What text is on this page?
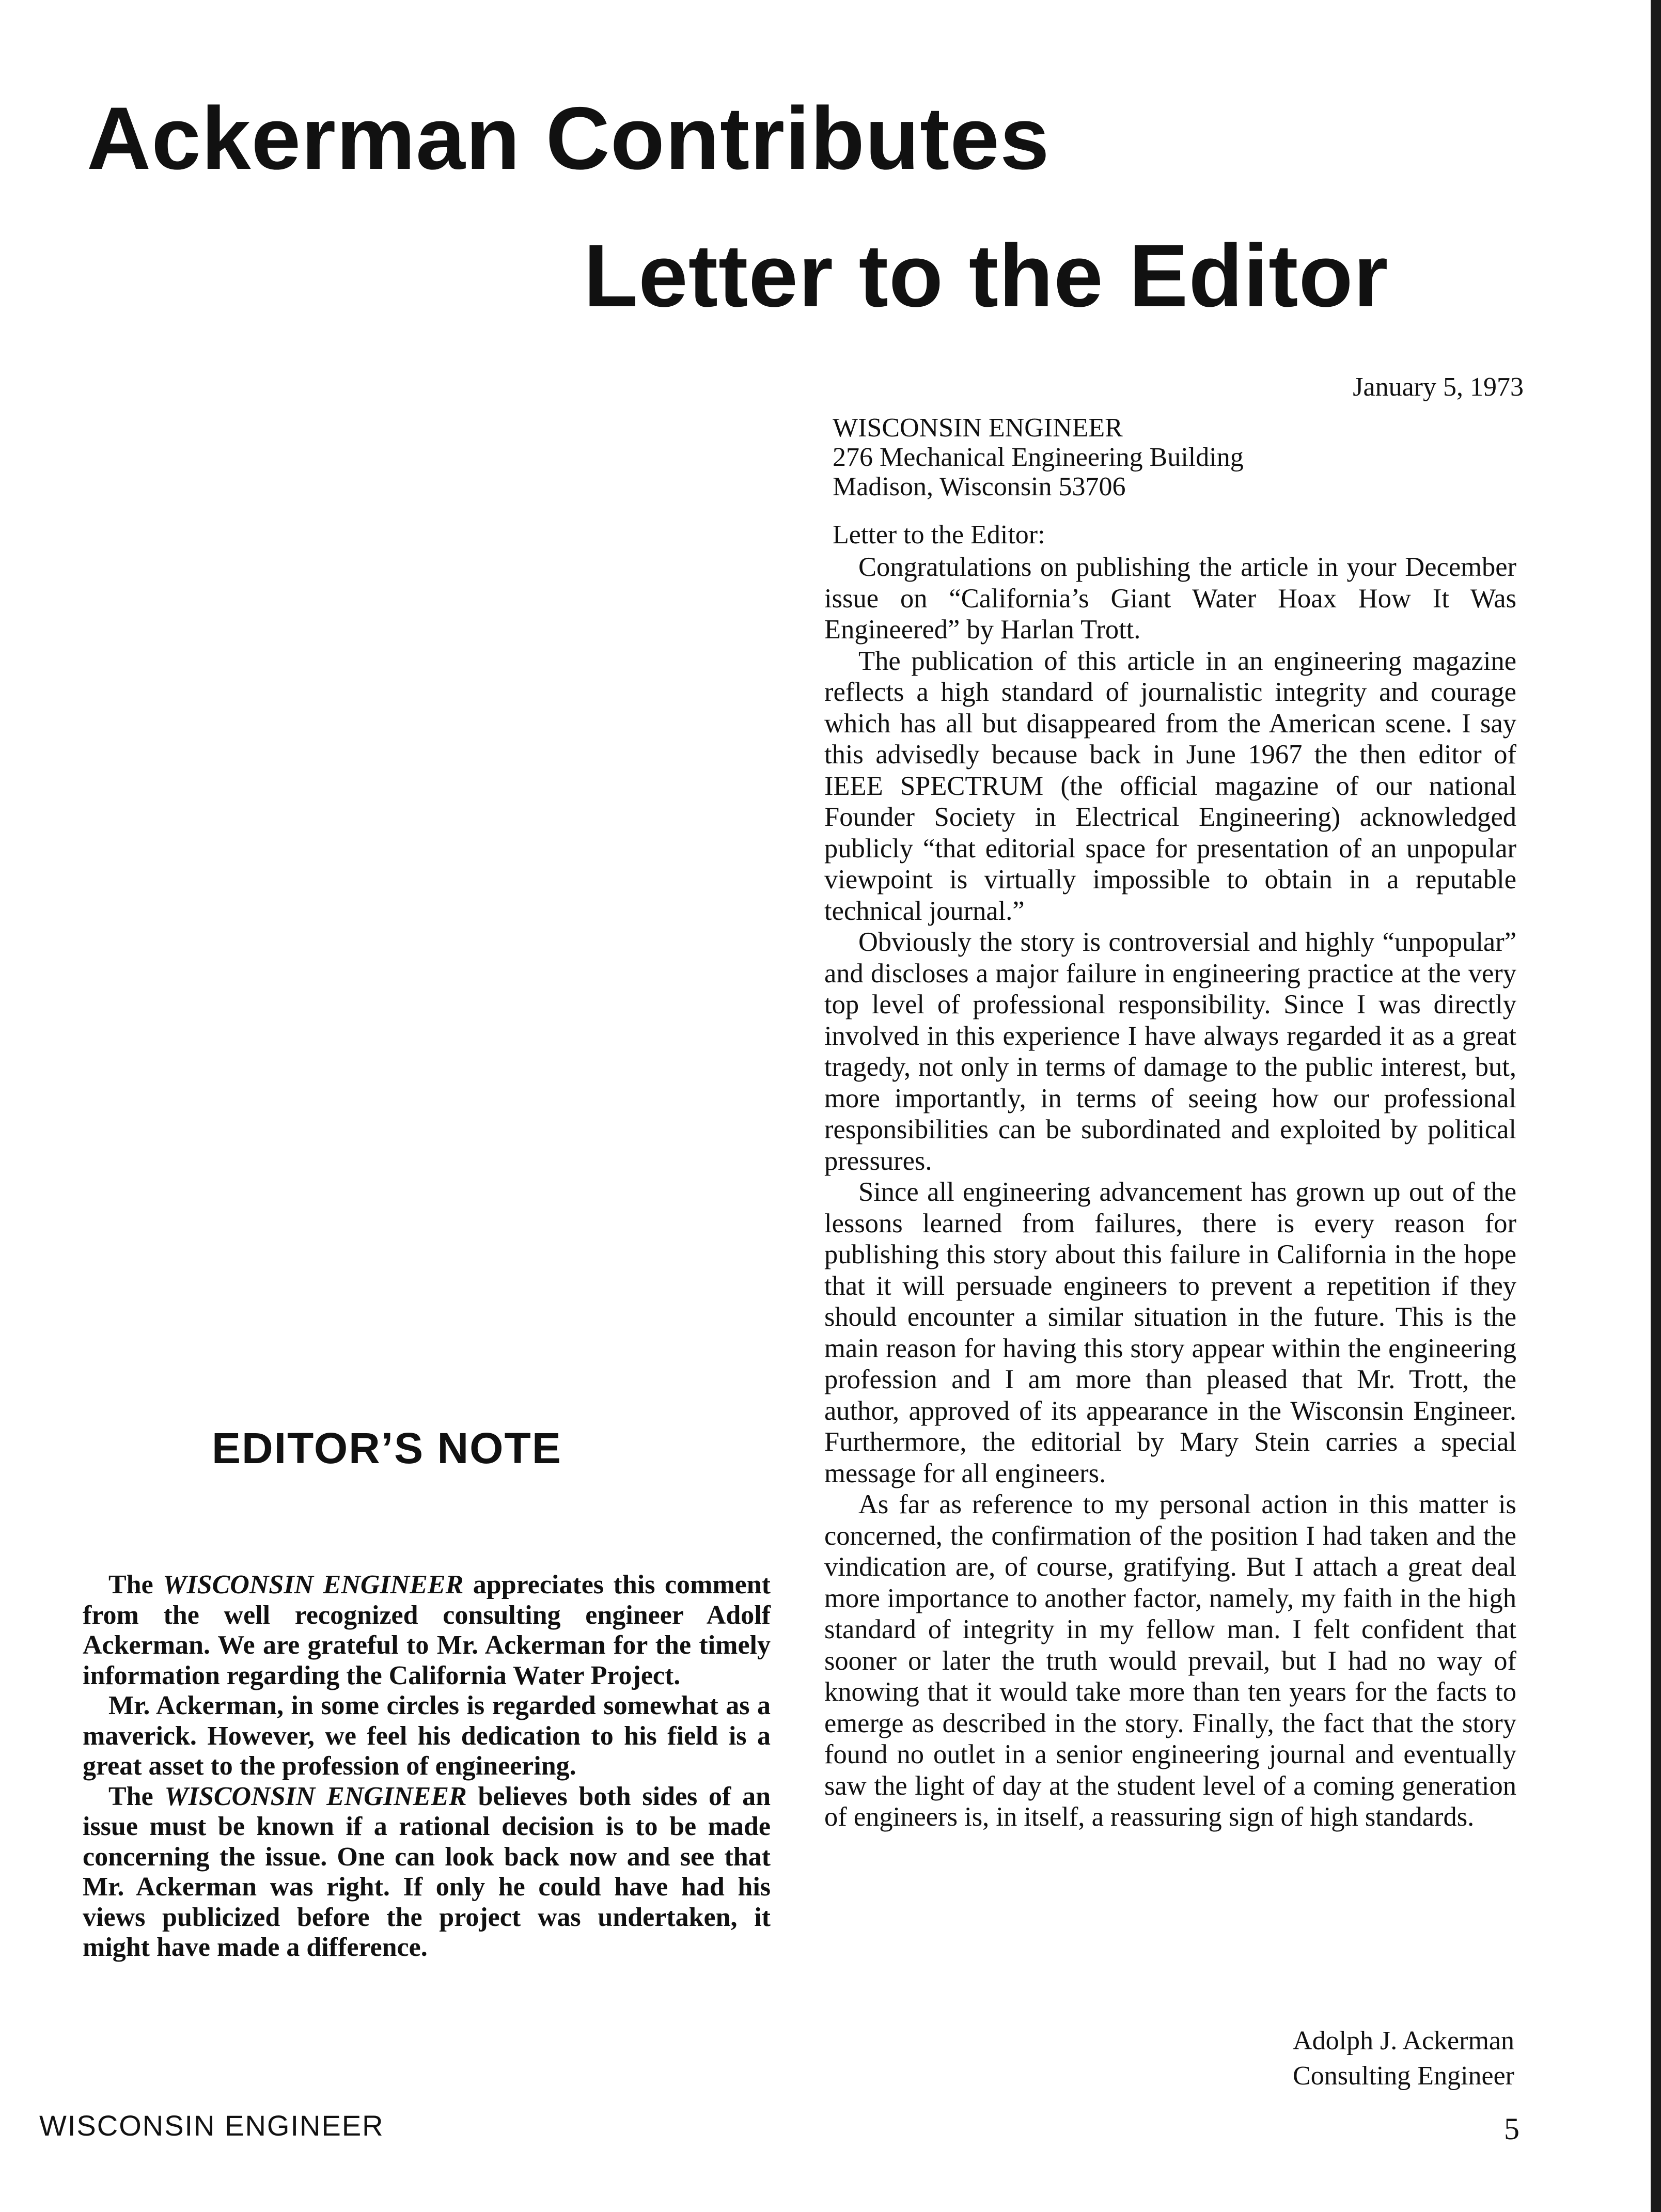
Ackerman Contributes
Letter to the Editor
January 5, 1973
WISCONSIN ENGINEER
276 Mechanical Engineering Building
Madison, Wisconsin 53706
Letter to the Editor:

Congratulations on publishing the article in your December issue on “California’s Giant Water Hoax How It Was Engineered” by Harlan Trott.

The publication of this article in an engineering magazine reflects a high standard of journalistic integrity and courage which has all but disappeared from the American scene. I say this advisedly because back in June 1967 the then editor of IEEE SPECTRUM (the official magazine of our national Founder Society in Electrical Engineering) acknowledged publicly “that editorial space for presentation of an unpopular viewpoint is virtually impossible to obtain in a reputable technical journal.”

Obviously the story is controversial and highly “unpopular” and discloses a major failure in engineering practice at the very top level of professional responsibility. Since I was directly involved in this experience I have always regarded it as a great tragedy, not only in terms of damage to the public interest, but, more importantly, in terms of seeing how our professional responsibilities can be subordinated and exploited by political pressures.

Since all engineering advancement has grown up out of the lessons learned from failures, there is every reason for publishing this story about this failure in California in the hope that it will persuade engineers to prevent a repetition if they should encounter a similar situation in the future. This is the main reason for having this story appear within the engineering profession and I am more than pleased that Mr. Trott, the author, approved of its appearance in the Wisconsin Engineer. Furthermore, the editorial by Mary Stein carries a special message for all engineers.

As far as reference to my personal action in this matter is concerned, the confirmation of the position I had taken and the vindication are, of course, gratifying. But I attach a great deal more importance to another factor, namely, my faith in the high standard of integrity in my fellow man. I felt confident that sooner or later the truth would prevail, but I had no way of knowing that it would take more than ten years for the facts to emerge as described in the story. Finally, the fact that the story found no outlet in a senior engineering journal and eventually saw the light of day at the student level of a coming generation of engineers is, in itself, a reassuring sign of high standards.

Adolph J. Ackerman
Consulting Engineer
EDITOR’S NOTE

The WISCONSIN ENGINEER appreciates this comment from the well recognized consulting engineer Adolf Ackerman. We are grateful to Mr. Ackerman for the timely information regarding the California Water Project.

Mr. Ackerman, in some circles is regarded somewhat as a maverick. However, we feel his dedication to his field is a great asset to the profession of engineering.

The WISCONSIN ENGINEER believes both sides of an issue must be known if a rational decision is to be made concerning the issue. One can look back now and see that Mr. Ackerman was right. If only he could have had his views publicized before the project was undertaken, it might have made a difference.

WISCONSIN ENGINEER	5
